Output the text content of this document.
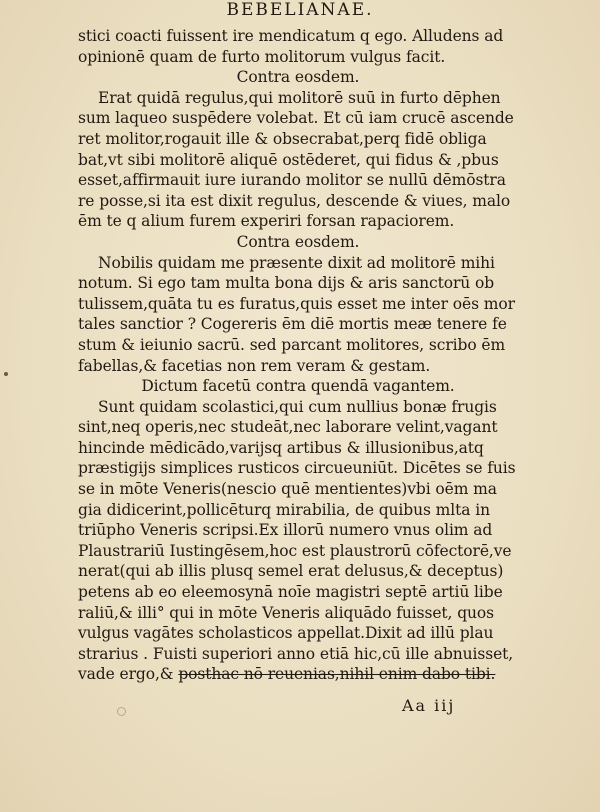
BEBELIANAE.
stici coacti fuissent ire mendicatum q ego. Alludens ad
opinionē quam de furto molitorum vulgus facit.
Contra eosdem.
Erat quidā regulus,qui molitorē suū in furto dēphen
sum laqueo suspēdere volebat. Et cū iam crucē ascende
ret molitor,rogauit ille & obsecrabat,perq fidē obliga
bat,vt sibi molitorē aliquē ostēderet, qui fidus & ,pbus
esset,affirmauit iure iurando molitor se nullū dēmōstra
re posse,si ita est dixit regulus, descende & viues, malo
ēm te q alium furem experiri forsan rapaciorem.
Contra eosdem.
Nobilis quidam me præsente dixit ad molitorē mihi
notum. Si ego tam multa bona dijs & aris sanctorū ob
tulissem,quāta tu es furatus,quis esset me inter oēs mor
tales sanctior ? Cogereris ēm diē mortis meæ tenere fe
stum & ieiunio sacrū. sed parcant molitores, scribo ēm
fabellas,& facetias non rem veram & gestam.
Dictum facetū contra quendā vagantem.
Sunt quidam scolastici,qui cum nullius bonæ frugis
sint,neq operis,nec studeāt,nec laborare velint,vagant
hincinde mēdicādo,varijsq artibus & illusionibus,atq
præstigijs simplices rusticos circueuniūt. Dicētes se fuis
se in mōte Veneris(nescio quē mentientes)vbi oēm ma
gia didicerint,pollicēturq mirabilia, de quibus mlta in
triūpho Veneris scripsi.Ex illorū numero vnus olim ad
Plaustrariū Iustingēsem,hoc est plaustrorū cōfectorē,ve
nerat(qui ab illis plusq semel erat delusus,& deceptus)
petens ab eo eleemosynā noīe magistri septē artiū libe
raliū,& illi° qui in mōte Veneris aliquādo fuisset, quos
vulgus vagātes scholasticos appellat.Dixit ad illū plau
strarius . Fuisti superiori anno etiā hic,cū ille abnuisset,
vade ergo,& posthac nō reuenias,nihil enim dabo tibi.
Aa iij
